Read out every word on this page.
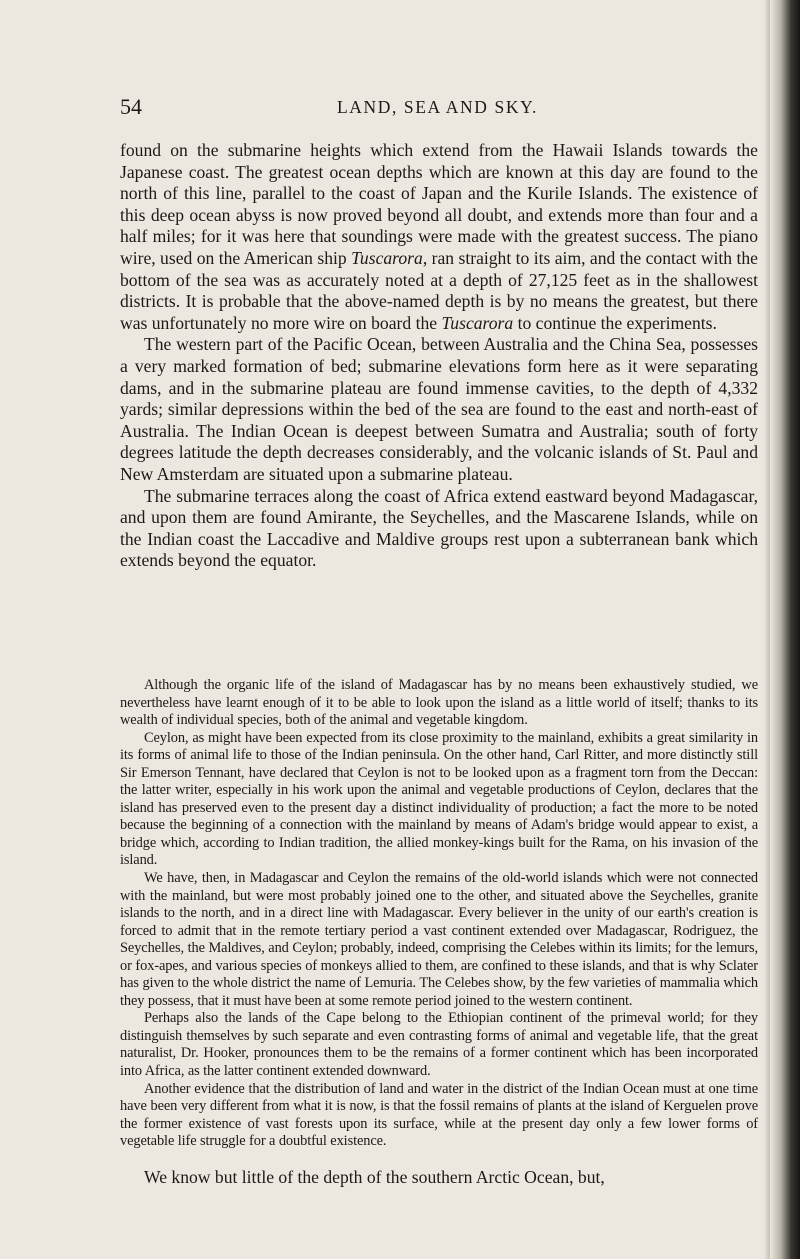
54	LAND, SEA AND SKY.

found on the submarine heights which extend from the Hawaii Islands towards the Japanese coast. The greatest ocean depths which are known at this day are found to the north of this line, parallel to the coast of Japan and the Kurile Islands. The existence of this deep ocean abyss is now proved beyond all doubt, and extends more than four and a half miles; for it was here that soundings were made with the greatest success. The piano wire, used on the American ship Tuscarora, ran straight to its aim, and the contact with the bottom of the sea was as accurately noted at a depth of 27,125 feet as in the shallowest districts. It is probable that the above-named depth is by no means the greatest, but there was unfortunately no more wire on board the Tuscarora to continue the experiments.

The western part of the Pacific Ocean, between Australia and the China Sea, possesses a very marked formation of bed; submarine elevations form here as it were separating dams, and in the submarine plateau are found immense cavities, to the depth of 4,332 yards; similar depressions within the bed of the sea are found to the east and north-east of Australia. The Indian Ocean is deepest between Sumatra and Australia; south of forty degrees latitude the depth decreases considerably, and the volcanic islands of St. Paul and New Amsterdam are situated upon a submarine plateau.

The submarine terraces along the coast of Africa extend eastward beyond Madagascar, and upon them are found Amirante, the Seychelles, and the Mascarene Islands, while on the Indian coast the Laccadive and Maldive groups rest upon a subterranean bank which extends beyond the equator.

Although the organic life of the island of Madagascar has by no means been exhaustively studied, we nevertheless have learnt enough of it to be able to look upon the island as a little world of itself; thanks to its wealth of individual species, both of the animal and vegetable kingdom.

Ceylon, as might have been expected from its close proximity to the mainland, exhibits a great similarity in its forms of animal life to those of the Indian peninsula. On the other hand, Carl Ritter, and more distinctly still Sir Emerson Tennant, have declared that Ceylon is not to be looked upon as a fragment torn from the Deccan: the latter writer, especially in his work upon the animal and vegetable productions of Ceylon, declares that the island has preserved even to the present day a distinct individuality of production; a fact the more to be noted because the beginning of a connection with the mainland by means of Adam's bridge would appear to exist, a bridge which, according to Indian tradition, the allied monkey-kings built for the Rama, on his invasion of the island.

We have, then, in Madagascar and Ceylon the remains of the old-world islands which were not connected with the mainland, but were most probably joined one to the other, and situated above the Seychelles, granite islands to the north, and in a direct line with Madagascar. Every believer in the unity of our earth's creation is forced to admit that in the remote tertiary period a vast continent extended over Madagascar, Rodriguez, the Seychelles, the Maldives, and Ceylon; probably, indeed, comprising the Celebes within its limits; for the lemurs, or fox-apes, and various species of monkeys allied to them, are confined to these islands, and that is why Sclater has given to the whole district the name of Lemuria. The Celebes show, by the few varieties of mammalia which they possess, that it must have been at some remote period joined to the western continent.

Perhaps also the lands of the Cape belong to the Ethiopian continent of the primeval world; for they distinguish themselves by such separate and even contrasting forms of animal and vegetable life, that the great naturalist, Dr. Hooker, pronounces them to be the remains of a former continent which has been incorporated into Africa, as the latter continent extended downward.

Another evidence that the distribution of land and water in the district of the Indian Ocean must at one time have been very different from what it is now, is that the fossil remains of plants at the island of Kerguelen prove the former existence of vast forests upon its surface, while at the present day only a few lower forms of vegetable life struggle for a doubtful existence.

We know but little of the depth of the southern Arctic Ocean, but,
